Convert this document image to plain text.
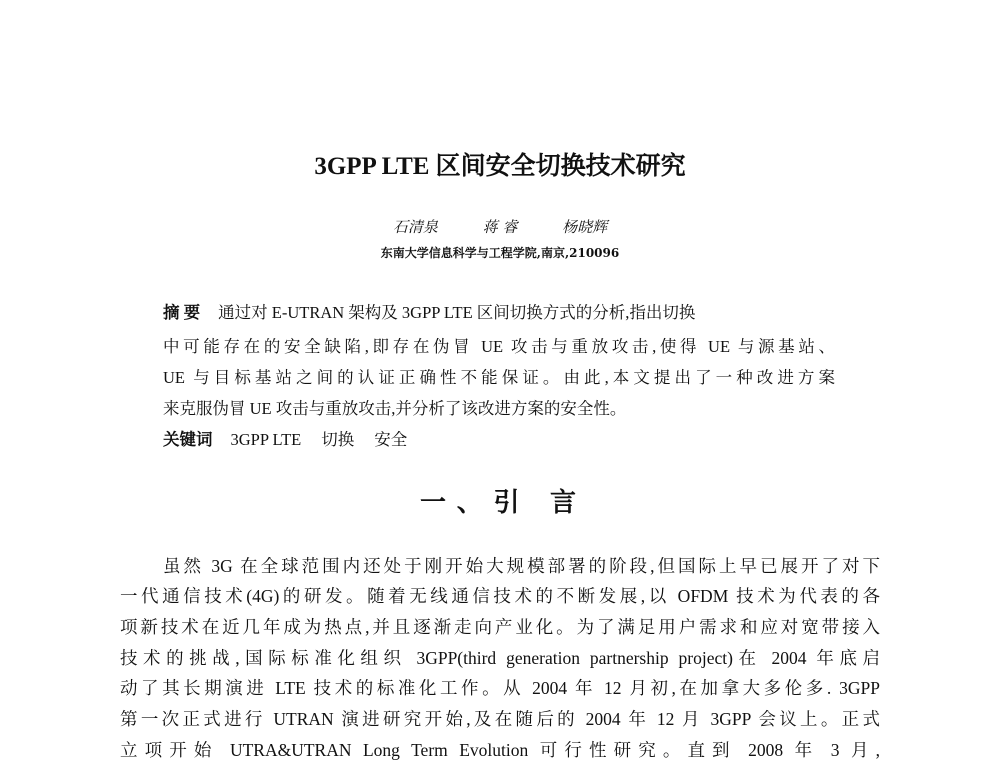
3GPP LTE 区间安全切换技术研究
石清泉	蒋 睿	杨晓辉
东南大学信息科学与工程学院,南京,210096
摘 要 通过对 E-UTRAN 架构及 3GPP LTE 区间切换方式的分析,指出切换
中可能存在的安全缺陷,即存在伪冒 UE 攻击与重放攻击,使得 UE 与源基站、
UE 与目标基站之间的认证正确性不能保证。由此,本文提出了一种改进方案
来克服伪冒 UE 攻击与重放攻击,并分析了该改进方案的安全性。
关键词 3GPP LTE 切换 安全
一、引 言
虽然 3G 在全球范围内还处于刚开始大规模部署的阶段,但国际上早已展开了对下
一代通信技术(4G)的研发。随着无线通信技术的不断发展,以 OFDM 技术为代表的各
项新技术在近几年成为热点,并且逐渐走向产业化。为了满足用户需求和应对宽带接入
技术的挑战,国际标准化组织 3GPP(third generation partnership project)在 2004 年底启
动了其长期演进 LTE 技术的标准化工作。从 2004 年 12 月初,在加拿大多伦多. 3GPP
第一次正式进行 UTRAN 演进研究开始,及在随后的 2004 年 12 月 3GPP 会议上。正式
立项开始 UTRA&UTRAN Long Term Evolution 可行性研究。直到 2008 年 3 月,
